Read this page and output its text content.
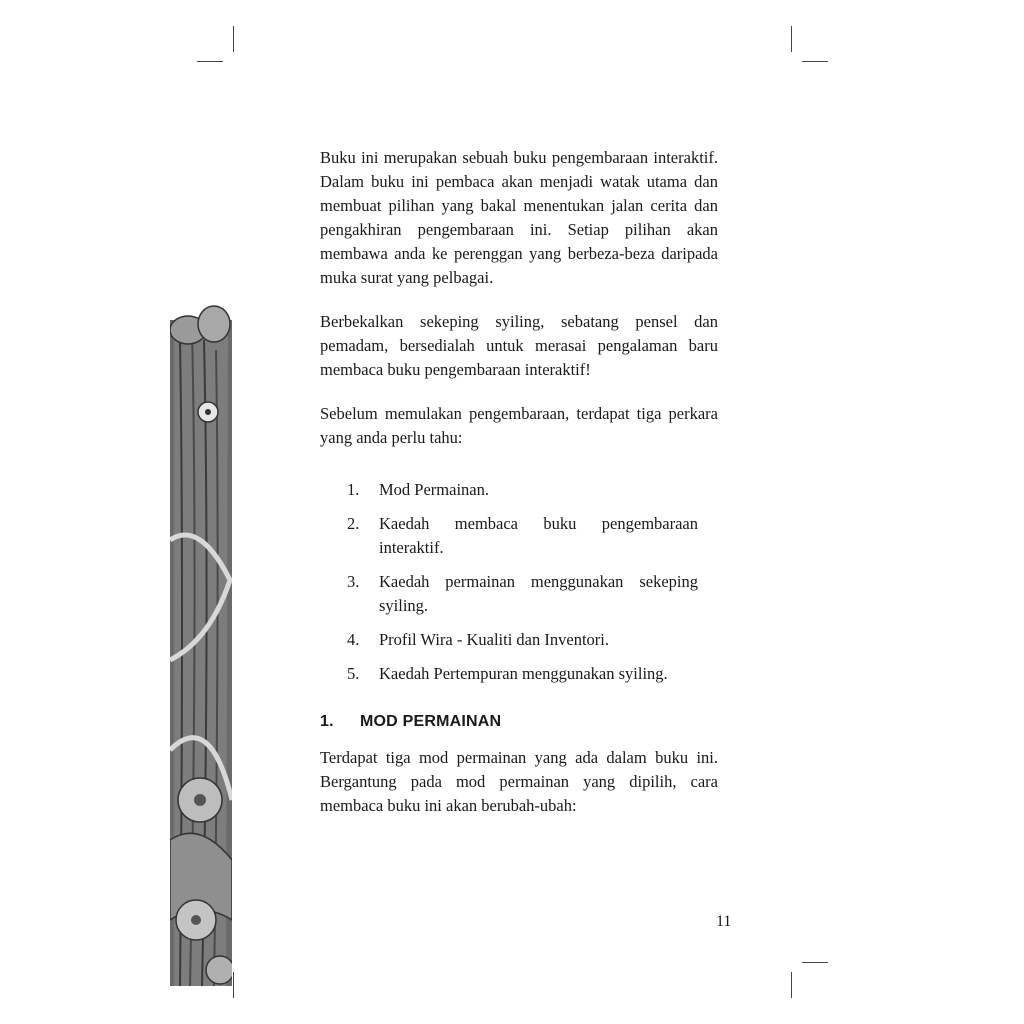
Buku ini merupakan sebuah buku pengembaraan interaktif. Dalam buku ini pembaca akan menjadi watak utama dan membuat pilihan yang bakal menentukan jalan cerita dan pengakhiran pengembaraan ini. Setiap pilihan akan membawa anda ke perenggan yang berbeza-beza daripada muka surat yang pelbagai.

Berbekalkan sekeping syiling, sebatang pensel dan pemadam, bersedialah untuk merasai pengalaman baru membaca buku pengembaraan interaktif!

Sebelum memulakan pengembaraan, terdapat tiga perkara yang anda perlu tahu:

1.	Mod Permainan.
2.	Kaedah membaca buku pengembaraan interaktif.
3.	Kaedah permainan menggunakan sekeping syiling.
4.	Profil Wira - Kualiti dan Inventori.
5.	Kaedah Pertempuran menggunakan syiling.
1.	MOD PERMAINAN

Terdapat tiga mod permainan yang ada dalam buku ini. Bergantung pada mod permainan yang dipilih, cara membaca buku ini akan berubah-ubah:

11
